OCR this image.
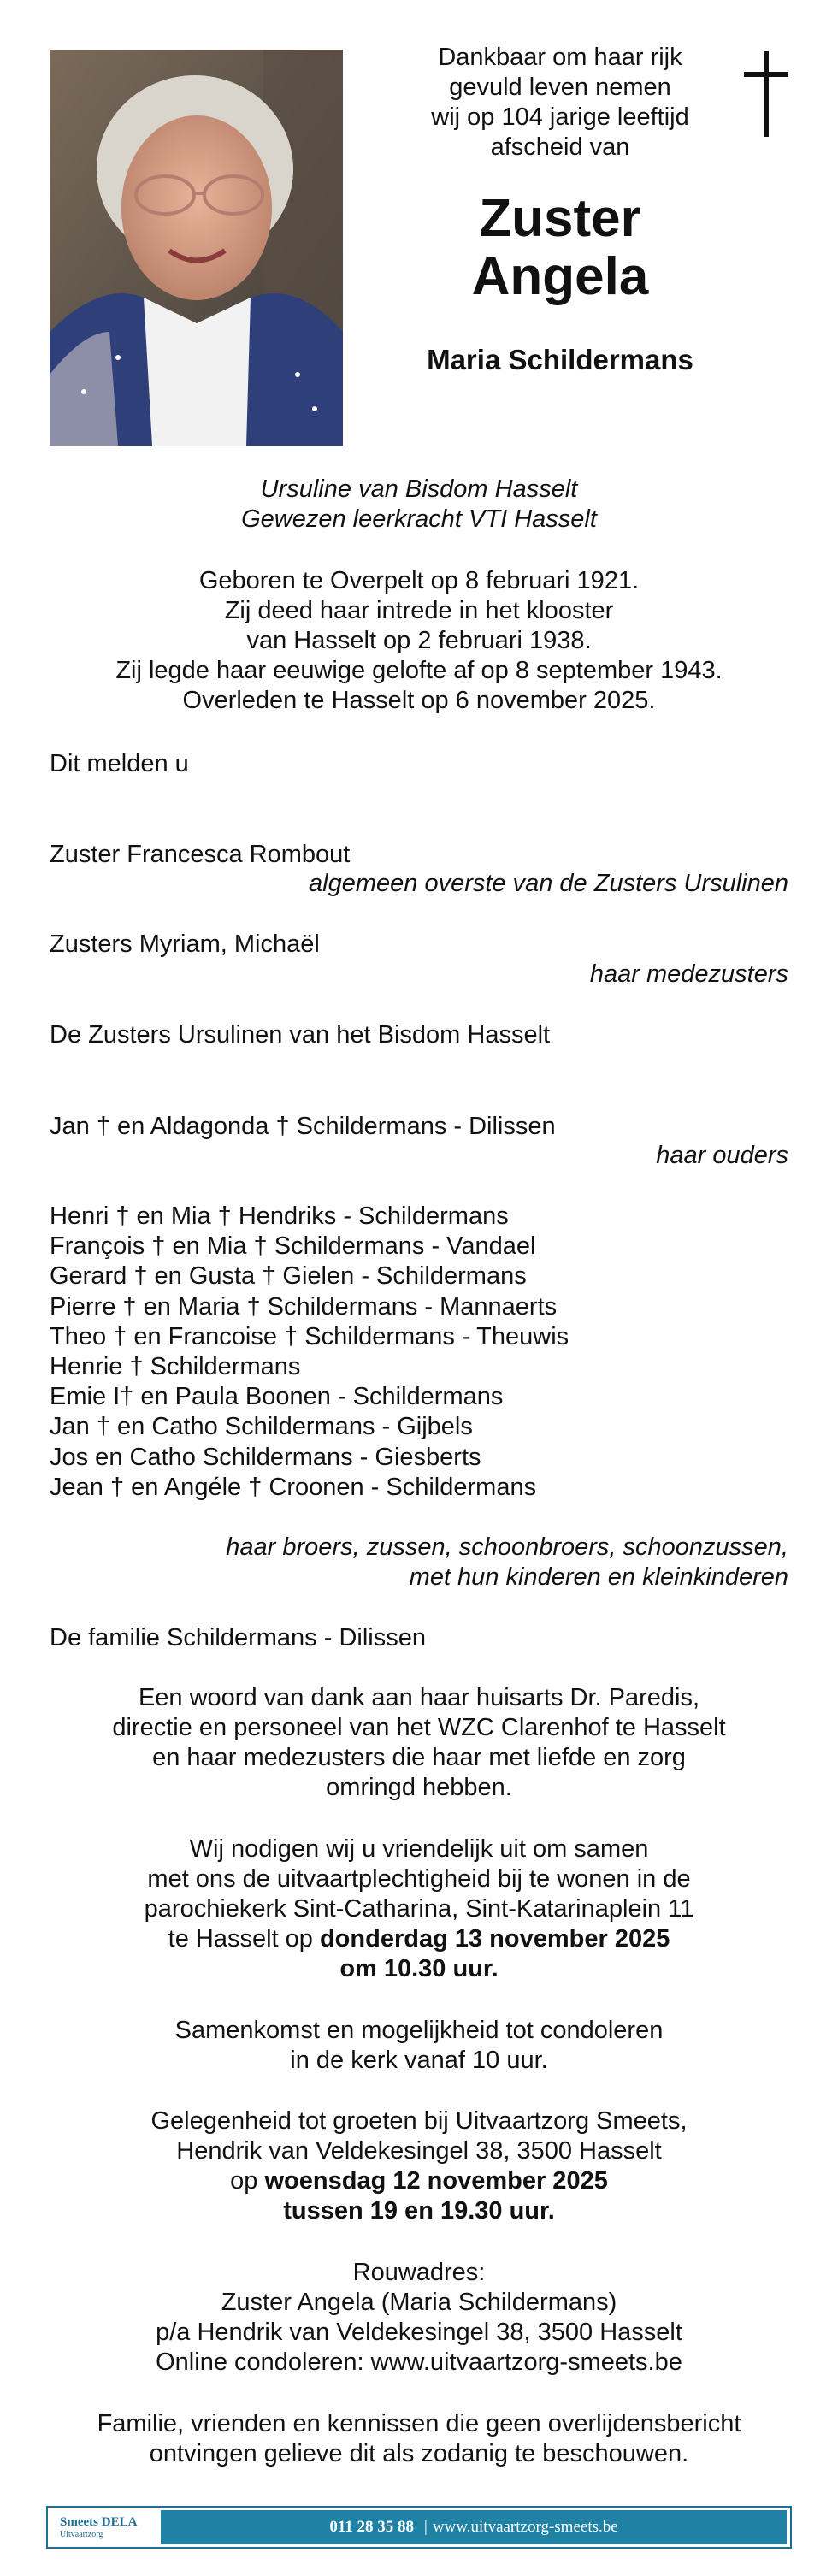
Dankbaar om haar rijk
gevuld leven nemen
wij op 104 jarige leeftijd
afscheid van
Zuster
Angela
Maria Schildermans
Ursuline van Bisdom Hasselt
Gewezen leerkracht VTI Hasselt
Geboren te Overpelt op 8 februari 1921.
Zij deed haar intrede in het klooster
van Hasselt op 2 februari 1938.
Zij legde haar eeuwige gelofte af op 8 september 1943.
Overleden te Hasselt op 6 november 2025.
Dit melden u
Zuster Francesca Rombout
algemeen overste van de Zusters Ursulinen
Zusters Myriam, Michaël
haar medezusters
De Zusters Ursulinen van het Bisdom Hasselt
Jan † en Aldagonda † Schildermans - Dilissen
haar ouders
Henri † en Mia † Hendriks - Schildermans
François † en Mia † Schildermans - Vandael
Gerard † en Gusta † Gielen - Schildermans
Pierre † en Maria † Schildermans - Mannaerts
Theo † en Francoise † Schildermans - Theuwis
Henrie † Schildermans
Emie I† en Paula Boonen - Schildermans
Jan † en Catho Schildermans - Gijbels
Jos en Catho Schildermans - Giesberts
Jean † en Angéle † Croonen - Schildermans
haar broers, zussen, schoonbroers, schoonzussen,
met hun kinderen en kleinkinderen
De familie Schildermans - Dilissen
Een woord van dank aan haar huisarts Dr. Paredis,
directie en personeel van het WZC Clarenhof te Hasselt
en haar medezusters die haar met liefde en zorg
omringd hebben.
Wij nodigen wij u vriendelijk uit om samen
met ons de uitvaartplechtigheid bij te wonen in de
parochiekerk Sint-Catharina, Sint-Katarinaplein 11
te Hasselt op donderdag 13 november 2025
om 10.30 uur.
Samenkomst en mogelijkheid tot condoleren
in de kerk vanaf 10 uur.
Gelegenheid tot groeten bij Uitvaartzorg Smeets,
Hendrik van Veldekesingel 38, 3500 Hasselt
op woensdag 12 november 2025
tussen 19 en 19.30 uur.
Rouwadres:
Zuster Angela (Maria Schildermans)
p/a Hendrik van Veldekesingel 38, 3500 Hasselt
Online condoleren: www.uitvaartzorg-smeets.be
Familie, vrienden en kennissen die geen overlijdensbericht
ontvingen gelieve dit als zodanig te beschouwen.
Smeets DELA
Uitvaartzorg	011 28 35 88 | www.uitvaartzorg-smeets.be
